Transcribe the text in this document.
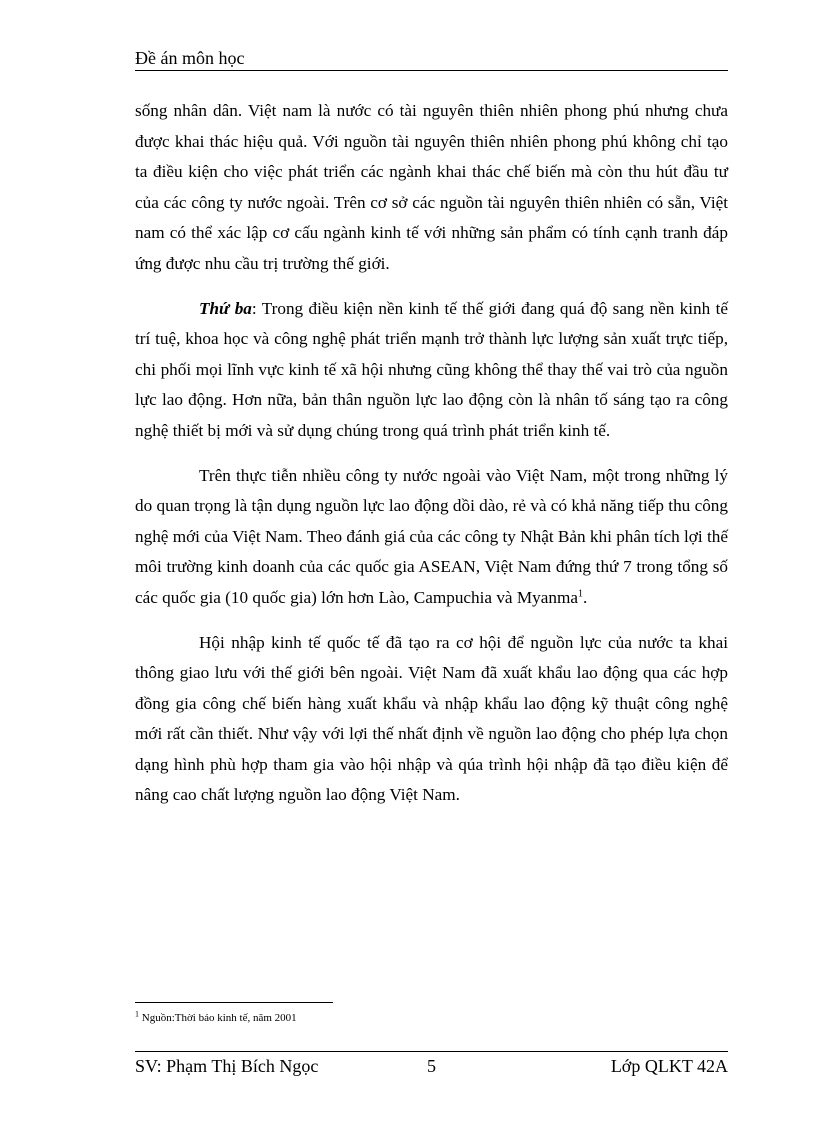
Đề án môn học

sống nhân dân. Việt nam là nước có tài nguyên thiên nhiên phong phú nhưng chưa được khai thác hiệu quả. Với nguồn tài nguyên thiên nhiên phong phú không chỉ tạo ta điều kiện cho việc phát triển các ngành khai thác chế biến mà còn thu hút đầu tư của các công ty nước ngoài. Trên cơ sở các nguồn tài nguyên thiên nhiên có sẵn, Việt nam có thể xác lập cơ cấu ngành kinh tế với những sản phẩm có tính cạnh tranh đáp ứng được nhu cầu trị trường thế giới.

Thứ ba: Trong điều kiện nền kinh tế thế giới đang quá độ sang nền kinh tế trí tuệ, khoa học và công nghệ phát triển mạnh trở thành lực lượng sản xuất trực tiếp, chi phối mọi lĩnh vực kinh tế xã hội nhưng cũng không thể thay thế vai trò của nguồn lực lao động. Hơn nữa, bản thân nguồn lực lao động còn là nhân tố sáng tạo ra công nghệ thiết bị mới và sử dụng chúng trong quá trình phát triển kinh tế.

Trên thực tiễn nhiều công ty nước ngoài vào Việt Nam, một trong những lý do quan trọng là tận dụng nguồn lực lao động dồi dào, rẻ và có khả năng tiếp thu công nghệ mới của Việt Nam. Theo đánh giá của các công ty Nhật Bản khi phân tích lợi thế môi trường kinh doanh của các quốc gia ASEAN, Việt Nam đứng thứ 7 trong tổng số các quốc gia (10 quốc gia) lớn hơn Lào, Campuchia và Myanma$^1$.

Hội nhập kinh tế quốc tế đã tạo ra cơ hội để nguồn lực của nước ta khai thông giao lưu với thế giới bên ngoài. Việt Nam đã xuất khẩu lao động qua các hợp đồng gia công chế biến hàng xuất khẩu và nhập khẩu lao động kỹ thuật công nghệ mới rất cần thiết. Như vậy với lợi thế nhất định về nguồn lao động cho phép lựa chọn dạng hình phù hợp tham gia vào hội nhập và qúa trình hội nhập đã tạo điều kiện để nâng cao chất lượng nguồn lao động Việt Nam.

$^1$ Nguồn:Thời báo kinh tế, năm 2001
SV: Phạm Thị Bích Ngọc	5	Lớp QLKT 42A
